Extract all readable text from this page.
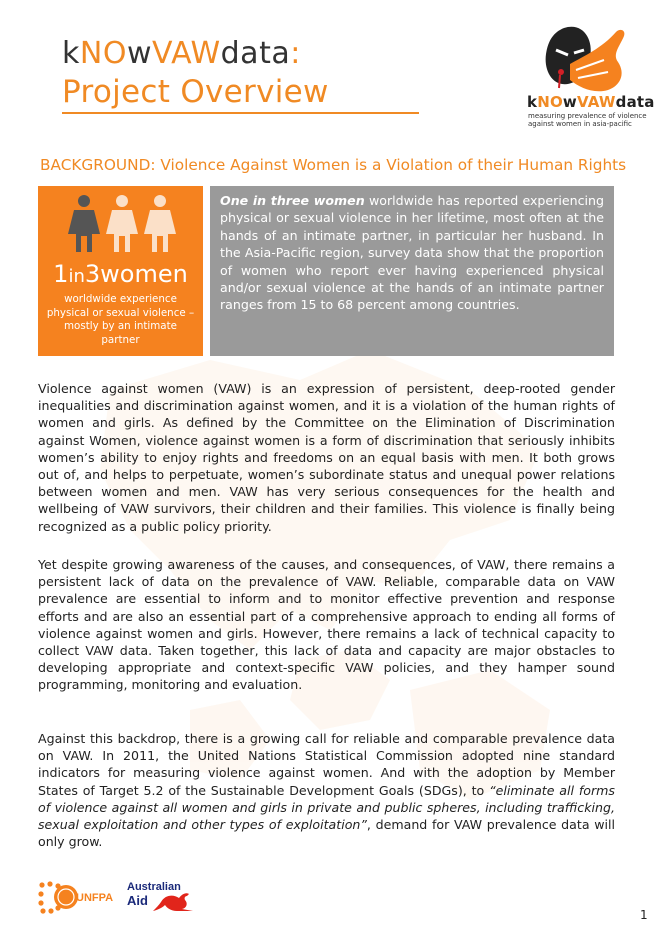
kNOwVAWdata:
Project Overview	kNOwVAWdata
measuring prevalence of violence
against women in asia-pacific
BACKGROUND: Violence Against Women is a Violation of their Human Rights
1in3women
worldwide experience physical or sexual violence – mostly by an intimate partner
One in three women worldwide has reported experiencing physical or sexual violence in her lifetime, most often at the hands of an intimate partner, in particular her husband. In the Asia-Pacific region, survey data show that the proportion of women who report ever having experienced physical and/or sexual violence at the hands of an intimate partner ranges from 15 to 68 percent among countries.
Violence against women (VAW) is an expression of persistent, deep-rooted gender inequalities and discrimination against women, and it is a violation of the human rights of women and girls. As defined by the Committee on the Elimination of Discrimination against Women, violence against women is a form of discrimination that seriously inhibits women’s ability to enjoy rights and freedoms on an equal basis with men. It both grows out of, and helps to perpetuate, women’s subordinate status and unequal power relations between women and men. VAW has very serious consequences for the health and wellbeing of VAW survivors, their children and their families. This violence is finally being recognized as a public policy priority.
Yet despite growing awareness of the causes, and consequences, of VAW, there remains a persistent lack of data on the prevalence of VAW. Reliable, comparable data on VAW prevalence are essential to inform and to monitor effective prevention and response efforts and are also an essential part of a comprehensive approach to ending all forms of violence against women and girls. However, there remains a lack of technical capacity to collect VAW data. Taken together, this lack of data and capacity are major obstacles to developing appropriate and context-specific VAW policies, and they hamper sound programming, monitoring and evaluation.
Against this backdrop, there is a growing call for reliable and comparable prevalence data on VAW. In 2011, the United Nations Statistical Commission adopted nine standard indicators for measuring violence against women. And with the adoption by Member States of Target 5.2 of the Sustainable Development Goals (SDGs), to “eliminate all forms of violence against all women and girls in private and public spheres, including trafficking, sexual exploitation and other types of exploitation”, demand for VAW prevalence data will only grow.
UNFPA
Australian
Aid
1
